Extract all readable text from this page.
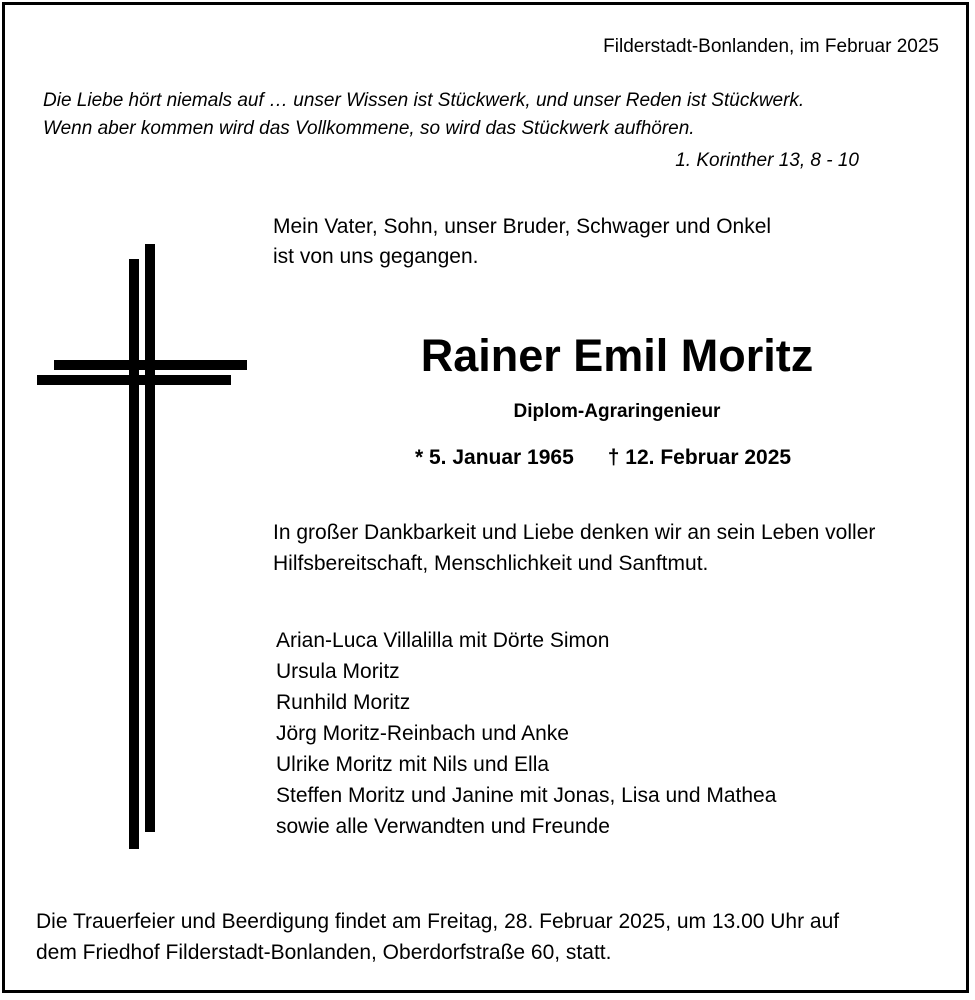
Filderstadt-Bonlanden, im Februar 2025
Die Liebe hört niemals auf … unser Wissen ist Stückwerk, und unser Reden ist Stückwerk.
Wenn aber kommen wird das Vollkommene, so wird das Stückwerk aufhören.
1. Korinther 13, 8 - 10
Mein Vater, Sohn, unser Bruder, Schwager und Onkel
ist von uns gegangen.
Rainer Emil Moritz
Diplom-Agraringenieur
* 5. Januar 1965 † 12. Februar 2025
In großer Dankbarkeit und Liebe denken wir an sein Leben voller
Hilfsbereitschaft, Menschlichkeit und Sanftmut.
Arian-Luca Villalilla mit Dörte Simon
Ursula Moritz
Runhild Moritz
Jörg Moritz-Reinbach und Anke
Ulrike Moritz mit Nils und Ella
Steffen Moritz und Janine mit Jonas, Lisa und Mathea
sowie alle Verwandten und Freunde
Die Trauerfeier und Beerdigung findet am Freitag, 28. Februar 2025, um 13.00 Uhr auf
dem Friedhof Filderstadt-Bonlanden, Oberdorfstraße 60, statt.
